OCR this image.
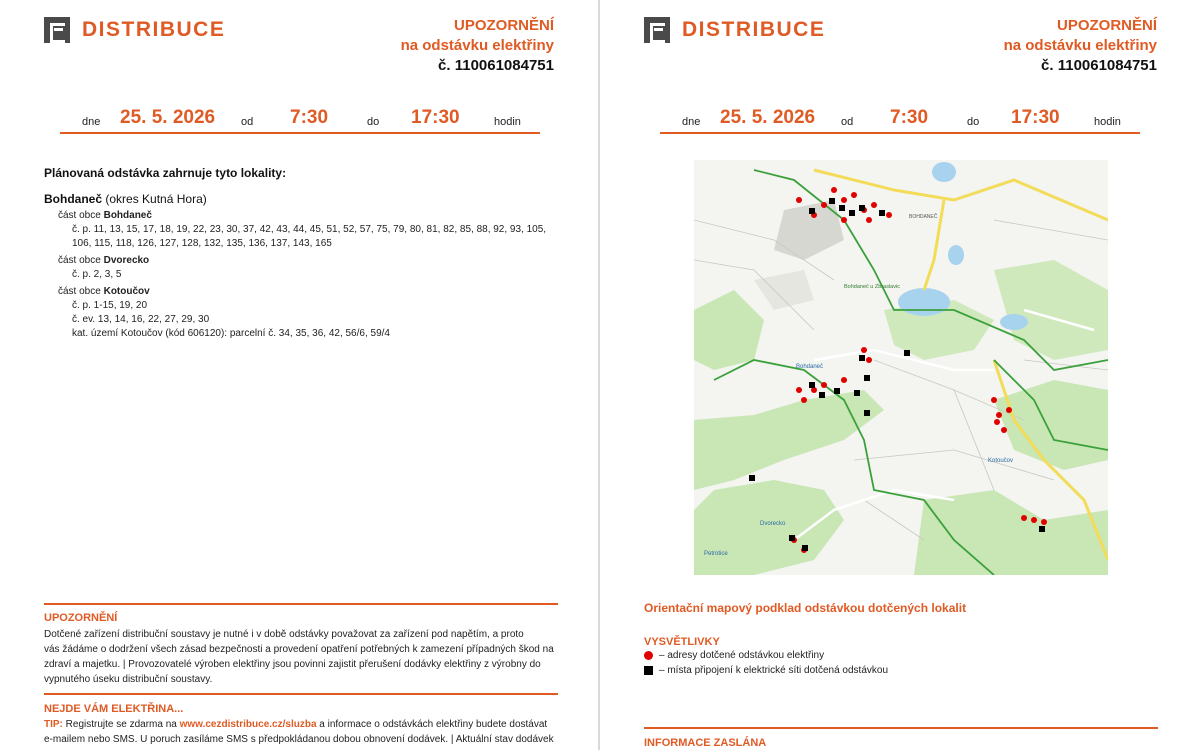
DISTRIBUCE	UPOZORNĚNÍ
na odstávku elektřiny
č. 110061084751
dne 25. 5. 2026 od 7:30	do 17:30	hodin
Plánovaná odstávka zahrnuje tyto lokality:
Bohdaneč (okres Kutná Hora)
část obce Bohdaneč
č. p. 11, 13, 15, 17, 18, 19, 22, 23, 30, 37, 42, 43, 44, 45, 51, 52, 57, 75, 79, 80, 81, 82, 85, 88, 92, 93, 105,
106, 115, 118, 126, 127, 128, 132, 135, 136, 137, 143, 165
část obce Dvorecko
č. p. 2, 3, 5
část obce Kotoučov
č. p. 1-15, 19, 20
č. ev. 13, 14, 16, 22, 27, 29, 30
kat. území Kotoučov (kód 606120): parcelní č. 34, 35, 36, 42, 56/6, 59/4
UPOZORNĚNÍ
Dotčené zařízení distribuční soustavy je nutné i v době odstávky považovat za zařízení pod napětím, a proto
vás žádáme o dodržení všech zásad bezpečnosti a provedení opatření potřebných k zamezení případných škod na
zdraví a majetku. | Provozovatelé výroben elektřiny jsou povinni zajistit přerušení dodávky elektřiny z výrobny do
vypnutého úseku distribuční soustavy.
NEJDE VÁM ELEKTŘINA...
TIP: Registrujte se zdarma na www.cezdistribuce.cz/sluzba a informace o odstávkách elektřiny budete dostávat
e-mailem nebo SMS. U poruch zasíláme SMS s předpokládanou dobou obnovení dodávek. | Aktuální stav dodávek
DISTRIBUCE	UPOZORNĚNÍ
na odstávku elektřiny
č. 110061084751
dne 25. 5. 2026 od 7:30	do 17:30	hodin
Bohdaneč u Zbraslavic
BOHDANEČ
Bohdaneč
Kotoučov
Dvorecko
Petrotice
Orientační mapový podklad odstávkou dotčených lokalit
VYSVĚTLIVKY
– adresy dotčené odstávkou elektřiny
– místa připojení k elektrické síti dotčená odstávkou
INFORMACE ZASLÁNA
